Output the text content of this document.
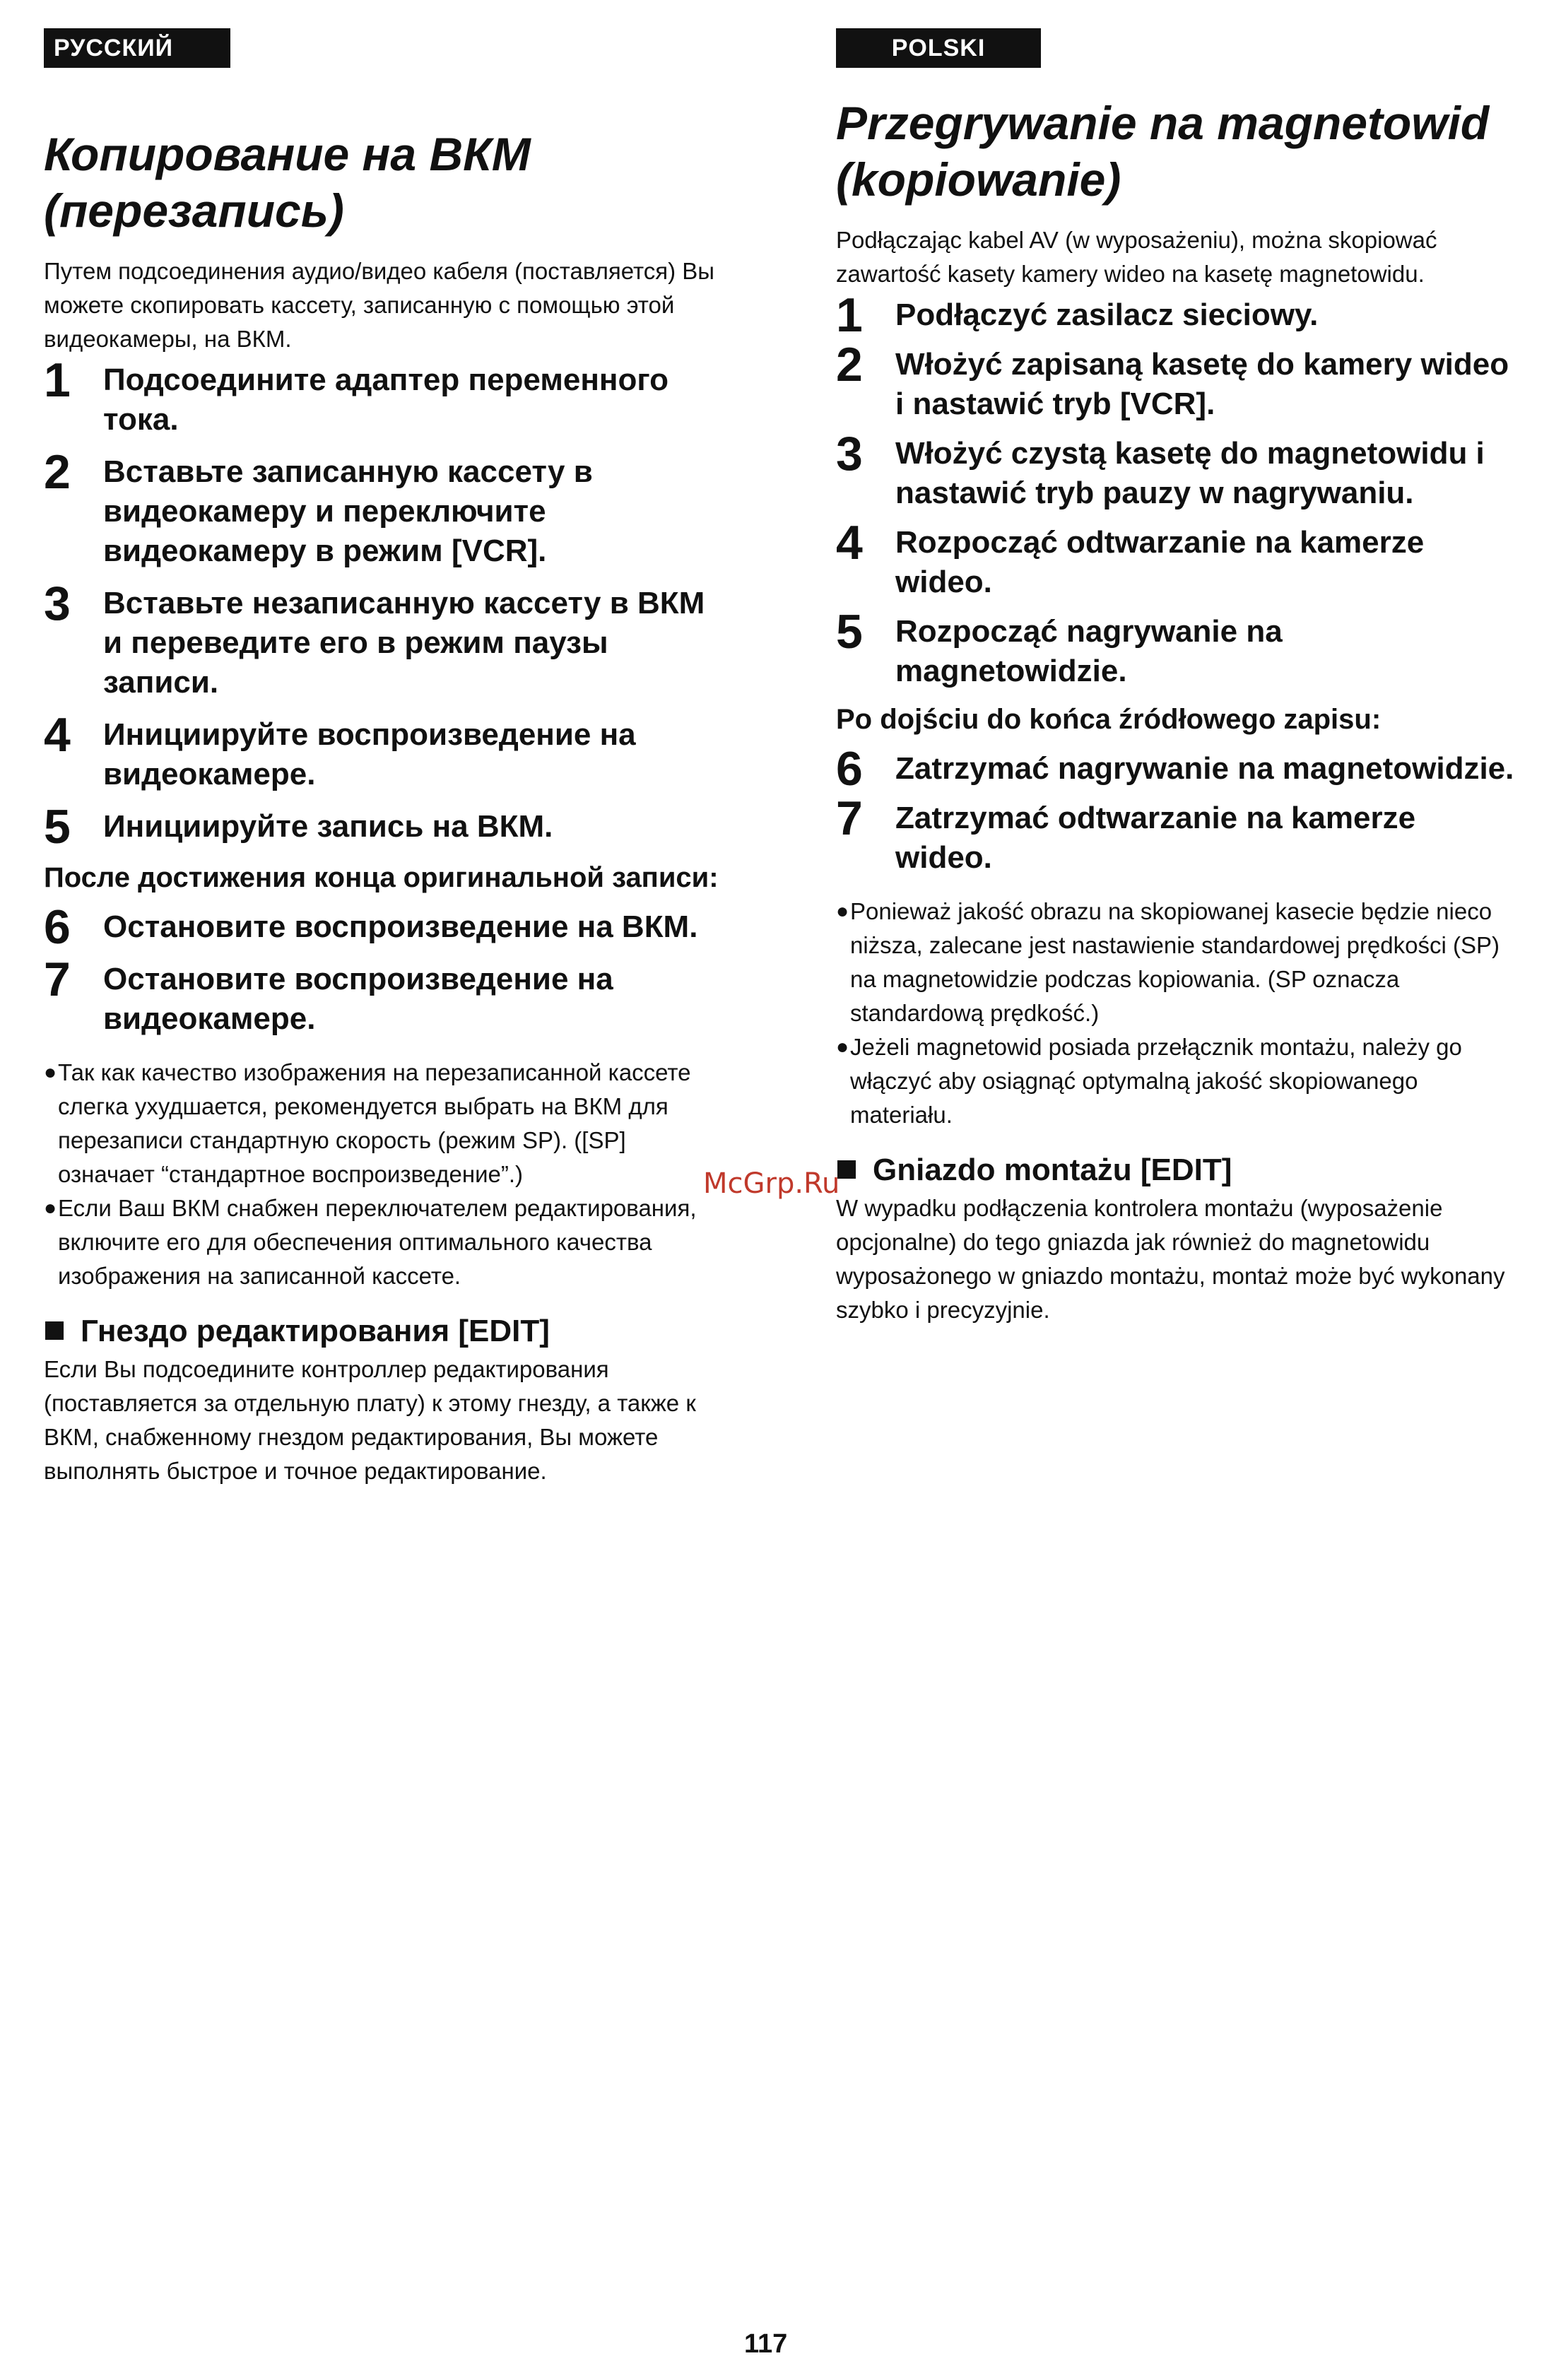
РУССКИЙ ЯЗЫК
Копирование на ВКМ
(перезапись)
Путем подсоединения аудио/видео кабеля (поставляется) Вы можете скопировать кассету, записанную с помощью этой видеокамеры, на ВКМ.
1 Подсоедините адаптер переменного тока.
2 Вставьте записанную кассету в видеокамеру и переключите видеокамеру в режим [VCR].
3 Вставьте незаписанную кассету в ВКМ и переведите его в режим паузы записи.
4 Инициируйте воспроизведение на видеокамере.
5 Инициируйте запись на ВКМ.
После достижения конца оригинальной записи:
6 Остановите воспроизведение на ВКМ.
7 Остановите воспроизведение на видеокамере.
● Так как качество изображения на перезаписанной кассете слегка ухудшается, рекомендуется выбрать на ВКМ для перезаписи стандартную скорость (режим SP). ([SP] означает “стандартное воспроизведение”.)
● Если Ваш ВКМ снабжен переключателем редактирования, включите его для обеспечения оптимального качества изображения на записанной кассете.
Гнездо редактирования [EDIT]
Если Вы подсоедините контроллер редактирования (поставляется за отдельную плату) к этому гнезду, а также к ВКМ, снабженному гнездом редактирования, Вы можете выполнять быстрое и точное редактирование.
POLSKI
Przegrywanie na magnetowid
(kopiowanie)
Podłączając kabel AV (w wyposażeniu), można skopiować zawartość kasety kamery wideo na kasetę magnetowidu.
1 Podłączyć zasilacz sieciowy.
2 Włożyć zapisaną kasetę do kamery wideo i nastawić tryb [VCR].
3 Włożyć czystą kasetę do magnetowidu i nastawić tryb pauzy w nagrywaniu.
4 Rozpocząć odtwarzanie na kamerze wideo.
5 Rozpocząć nagrywanie na magnetowidzie.
Po dojściu do końca źródłowego zapisu:
6 Zatrzymać nagrywanie na magnetowidzie.
7 Zatrzymać odtwarzanie na kamerze wideo.
● Ponieważ jakość obrazu na skopiowanej kasecie będzie nieco niższa, zalecane jest nastawienie standardowej prędkości (SP) na magnetowidzie podczas kopiowania. (SP oznacza standardową prędkość.)
● Jeżeli magnetowid posiada przełącznik montażu, należy go włączyć aby osiągnąć optymalną jakość skopiowanego materiału.
Gniazdo montażu [EDIT]
W wypadku podłączenia kontrolera montażu (wyposażenie opcjonalne) do tego gniazda jak również do magnetowidu wyposażonego w gniazdo montażu, montaż może być wykonany szybko i precyzyjnie.
McGrp.Ru
117
